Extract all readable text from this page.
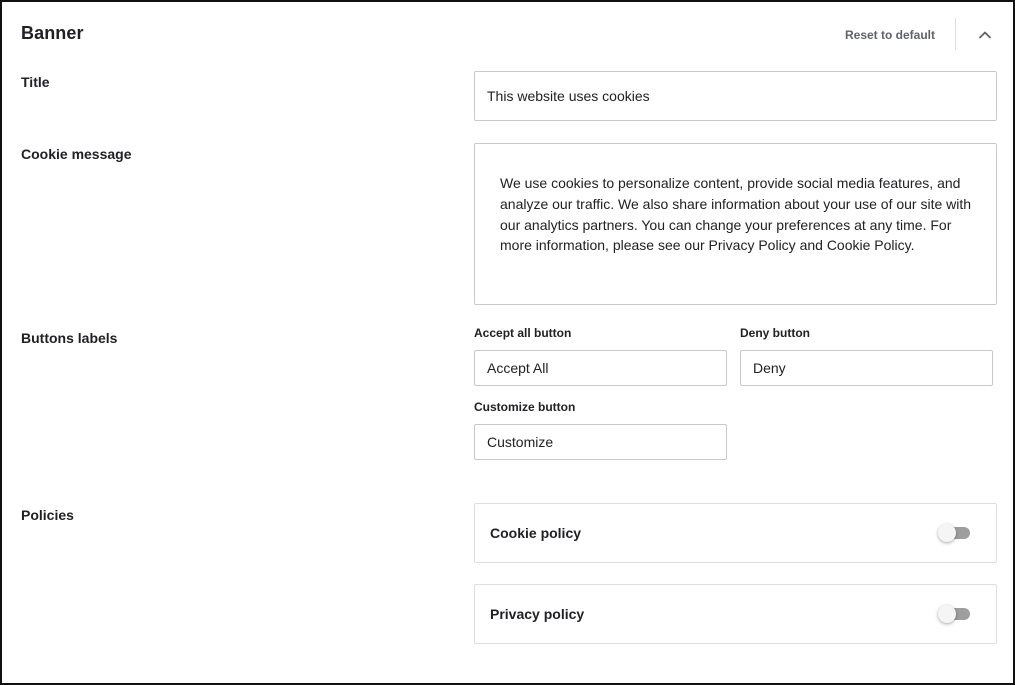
Banner	Reset to default
Title
This website uses cookies
Cookie message
We use cookies to personalize content, provide social media features, and analyze our traffic. We also share information about your use of our site with our analytics partners. You can change your preferences at any time. For more information, please see our Privacy Policy and Cookie Policy.
Buttons labels	Accept all button
Accept All
Deny button
Deny
Customize button
Customize
Policies
Cookie policy
Privacy policy
